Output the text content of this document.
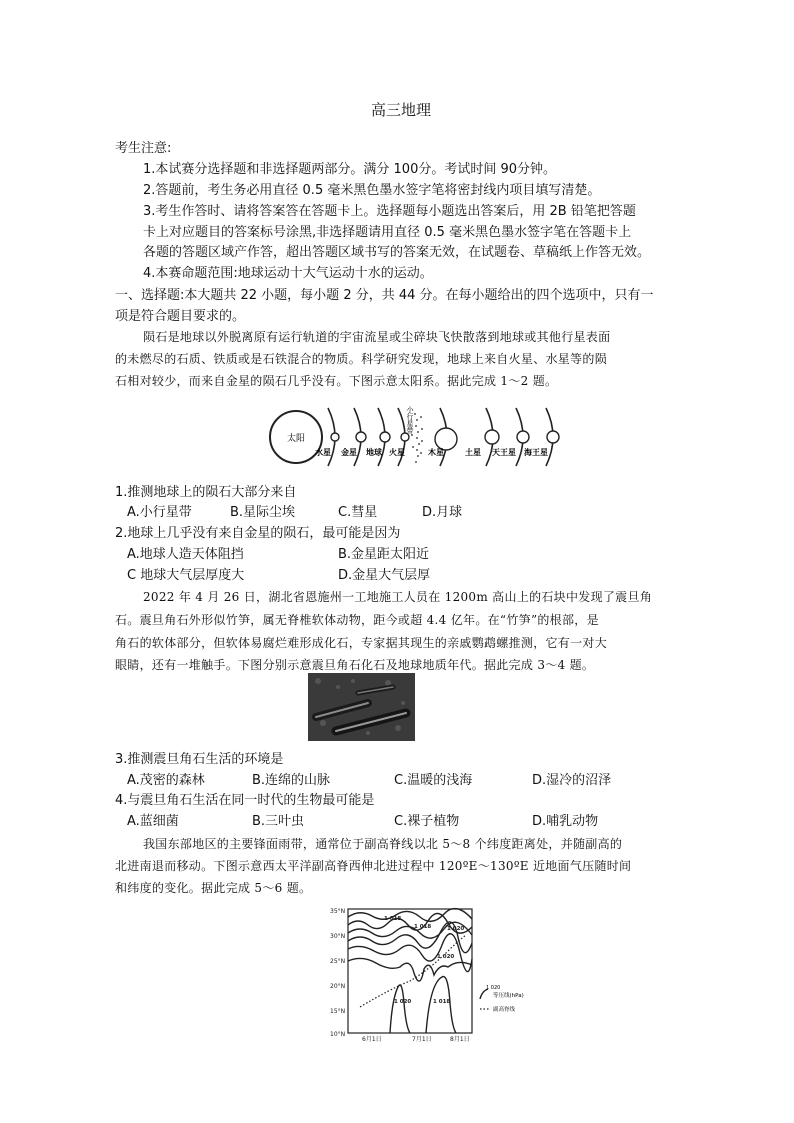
高三地理
考生注意:
1.本试赛分选择题和非选择题两部分。满分 100分。考试时间 90分钟。
2.答题前，考生务必用直径 0.5 毫米黑色墨水签字笔将密封线内项目填写清楚。
3.考生作答时、请将答案答在答题卡上。选择题每小题选出答案后，用 2B 铅笔把答题
卡上对应题目的答案标号涂黑,非选择题请用直径 0.5 毫米黑色墨水签字笔在答题卡上
各题的答题区域产作答，超出答题区域书写的答案无效，在试题卷、草稿纸上作答无效。
4.本赛命题范围:地球运动十大气运动十水的运动。
一、选择题:本大题共 22 小题，每小题 2 分，共 44 分。在每小题给出的四个选项中，只有一
项是符合题目要求的。
陨石是地球以外脱离原有运行轨道的宇宙流星或尘碎块飞快散落到地球或其他行星表面
的未燃尽的石质、铁质或是石铁混合的物质。科学研究发现，地球上来自火星、水星等的陨
石相对较少，而来自金星的陨石几乎没有。下图示意太阳系。据此完成 1～2 题。
太阳
水星 金星 地球 火星	木星	土星 天王星 海王星
小行星带
1.推测地球上的陨石大部分来自
A.小行星带	B.星际尘埃	C.彗星	D.月球
2.地球上几乎没有来自金星的陨石，最可能是因为
A.地球人造天体阻挡	B.金星距太阳近
C 地球大气层厚度大	D.金星大气层厚
2022 年 4 月 26 日，湖北省恩施州一工地施工人员在 1200m 高山上的石块中发现了震旦角
石。震旦角石外形似竹笋，属无脊椎软体动物，距今或超 4.4 亿年。在“竹笋”的根部，是
角石的软体部分，但软体易腐烂难形成化石，专家据其现生的亲戚鹦鹉螺推测，它有一对大
眼睛，还有一堆触手。下图分别示意震旦角石化石及地球地质年代。据此完成 3～4 题。
3.推测震旦角石生活的环境是
A.茂密的森林	B.连绵的山脉	C.温暖的浅海	D.湿冷的沼泽
4.与震旦角石生活在同一时代的生物最可能是
A.蓝细菌	B.三叶虫	C.裸子植物	D.哺乳动物
我国东部地区的主要锋面雨带，通常位于副高脊线以北 5～8 个纬度距离处，并随副高的
北进南退而移动。下图示意西太平洋副高脊西伸北进过程中 120ºE～130ºE 近地面气压随时间
和纬度的变化。据此完成 5～6 题。
35°N
30°N
25°N
20°N
15°N
10°N
6月1日	7月1日	8月1日
1 018
1 018	1 020
1 020
1 018
1 020
1 020
等压线(hPa)
副高脊线
